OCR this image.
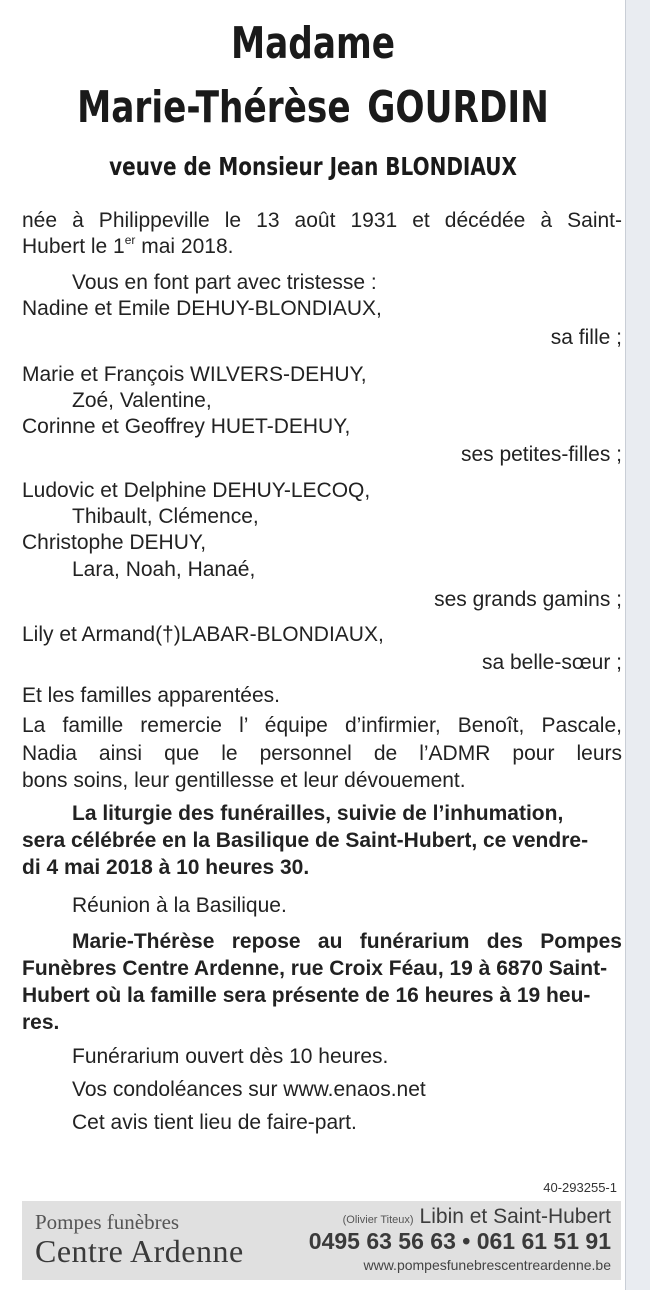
Madame
Marie-Thérèse GOURDIN
veuve de Monsieur Jean BLONDIAUX

née à Philippeville le 13 août 1931 et décédée à Saint-

Hubert le 1er mai 2018.

Vous en font part avec tristesse :

Nadine et Emile DEHUY-BLONDIAUX,

sa fille ;

Marie et François WILVERS-DEHUY,

Zoé, Valentine,

Corinne et Geoffrey HUET-DEHUY,

ses petites-filles ;

Ludovic et Delphine DEHUY-LECOQ,

Thibault, Clémence,

Christophe DEHUY,

Lara, Noah, Hanaé,

ses grands gamins ;

Lily et Armand(†)LABAR-BLONDIAUX,

sa belle-sœur ;

Et les familles apparentées.

La famille remercie l’ équipe d’infirmier, Benoît, Pascale,

Nadia ainsi que le personnel de l’ADMR pour leurs

bons soins, leur gentillesse et leur dévouement.

La liturgie des funérailles, suivie de l’inhumation,

sera célébrée en la Basilique de Saint-Hubert, ce vendre-

di 4 mai 2018 à 10 heures 30.

Réunion à la Basilique.

Marie-Thérèse repose au funérarium des Pompes

Funèbres Centre Ardenne, rue Croix Féau, 19 à 6870 Saint-

Hubert où la famille sera présente de 16 heures à 19 heu-

res.

Funérarium ouvert dès 10 heures.

Vos condoléances sur www.enaos.net

Cet avis tient lieu de faire-part.

40-293255-1
Pompes funèbres
Centre Ardenne
(Olivier Titeux) Libin et Saint-Hubert
0495 63 56 63 • 061 61 51 91
www.pompesfunebrescentreardenne.be
